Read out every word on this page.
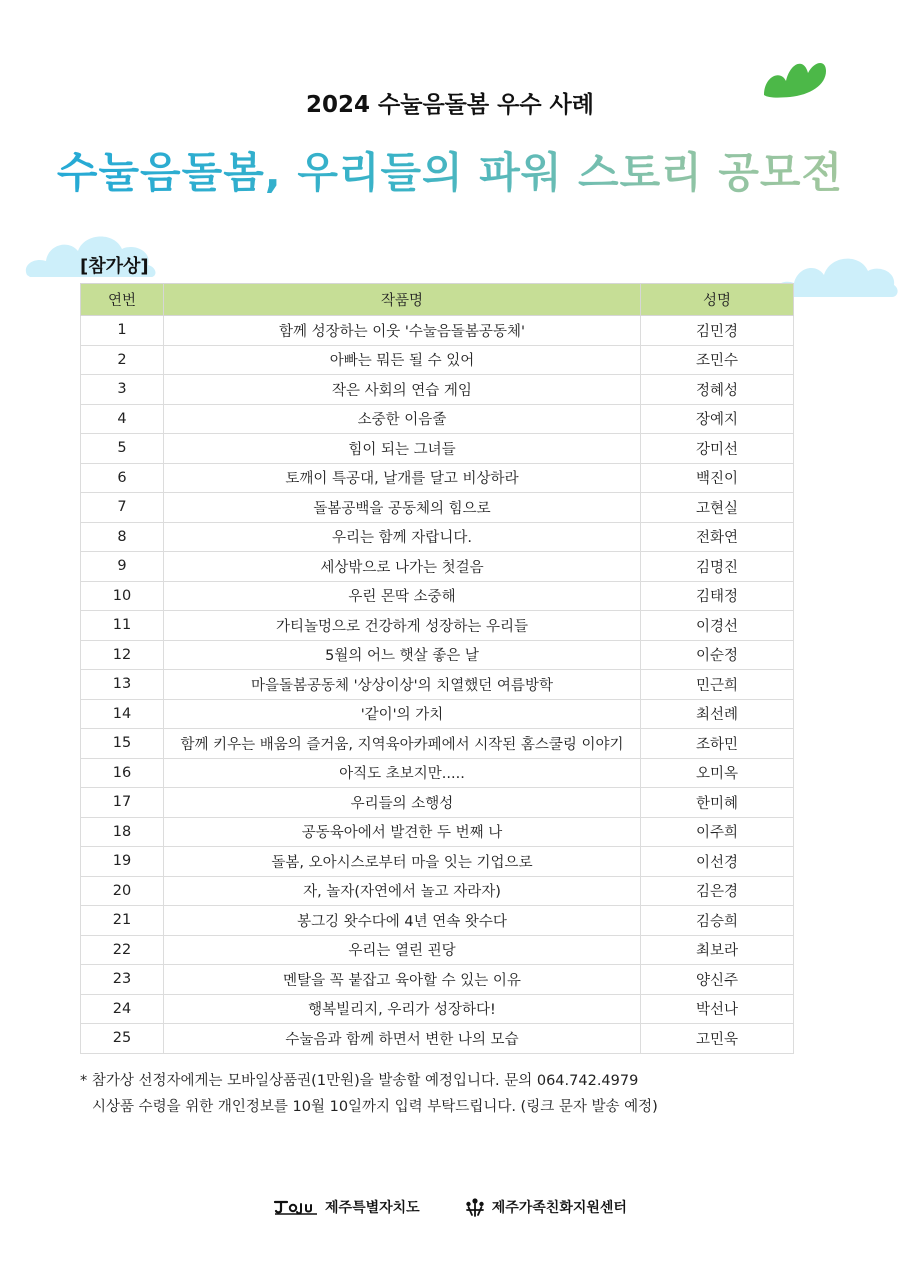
2024 수눌음돌봄 우수 사례
수눌음돌봄, 우리들의 파워 스토리 공모전
[참가상]
연번	작품명	성명
1	함께 성장하는 이웃 '수눌음돌봄공동체'	김민경
2	아빠는 뭐든 될 수 있어	조민수
3	작은 사회의 연습 게임	정혜성
4	소중한 이음줄	장예지
5	힘이 되는 그녀들	강미선
6	토깨이 특공대, 날개를 달고 비상하라	백진이
7	돌봄공백을 공동체의 힘으로	고현실
8	우리는 함께 자랍니다.	전화연
9	세상밖으로 나가는 첫걸음	김명진
10	우린 몬딱 소중해	김태정
11	가티놀멍으로 건강하게 성장하는 우리들	이경선
12	5월의 어느 햇살 좋은 날	이순정
13	마을돌봄공동체 '상상이상'의 치열했던 여름방학	민근희
14	'같이'의 가치	최선례
15	함께 키우는 배움의 즐거움, 지역육아카페에서 시작된 홈스쿨링 이야기	조하민
16	아직도 초보지만.....	오미옥
17	우리들의 소행성	한미혜
18	공동육아에서 발견한 두 번째 나	이주희
19	돌봄, 오아시스로부터 마을 잇는 기업으로	이선경
20	자, 놀자(자연에서 놀고 자라자)	김은경
21	봉그깅 왓수다에 4년 연속 왓수다	김승희
22	우리는 열린 괸당	최보라
23	멘탈을 꼭 붙잡고 육아할 수 있는 이유	양신주
24	행복빌리지, 우리가 성장하다!	박선나
25	수눌음과 함께 하면서 변한 나의 모습	고민욱
* 참가상 선정자에게는 모바일상품권(1만원)을 발송할 예정입니다. 문의 064.742.4979
시상품 수령을 위한 개인정보를 10월 10일까지 입력 부탁드립니다. (링크 문자 발송 예정)
제주특별자치도	제주가족친화지원센터
